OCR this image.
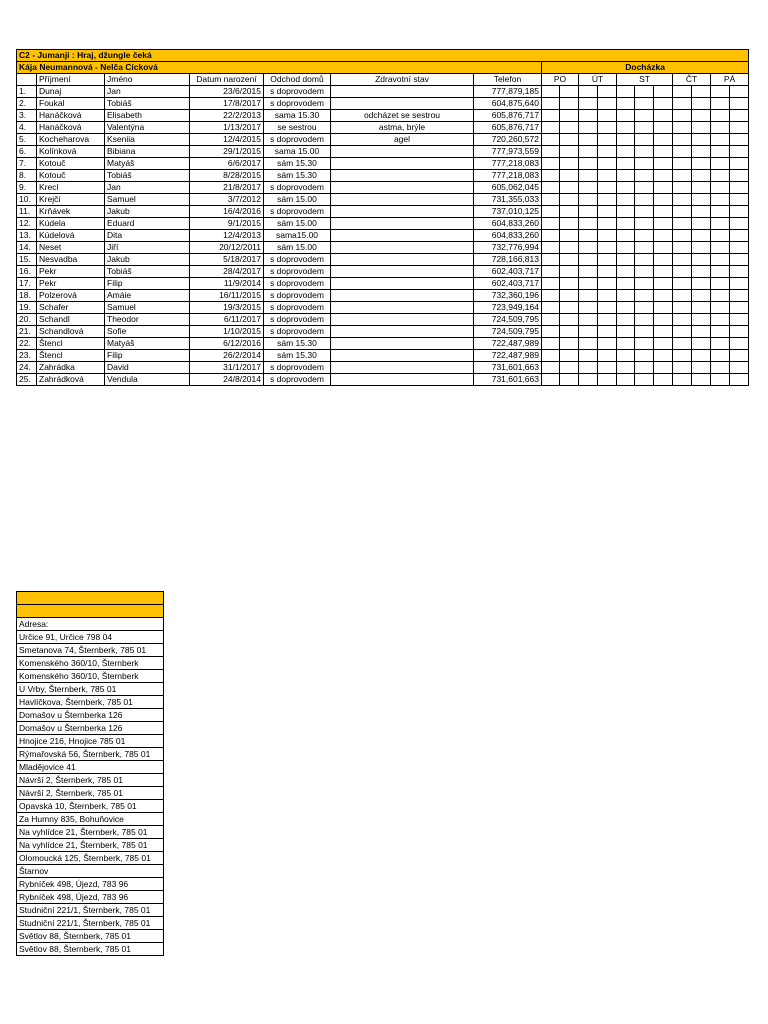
C2 - Jumanji : Hraj, džungle čeká																	
Kája Neumannová - Nelča Cícková							Docházka										
	Příjmení	Jméno	Datum narození	Odchod domů	Zdravotní stav	Telefon	PO		ÚT		ST			ČT		PÁ	
1.	Dunaj	Jan	23/6/2015	s doprovodem		777,879,185											
2.	Foukal	Tobiáš	17/8/2017	s doprovodem		604,875,640											
3.	Hanáčková	Elisabeth	22/2/2013	sama 15.30	odcházet se sestrou	605,876,717											
4.	Hanáčková	Valentýna	1/13/2017	se sestrou	astma, brýle	605,876,717											
5.	Kocheharova	Kseniia	12/4/2015	s doprovodem	agel	720,260,572											
6.	Kolínková	Bibiana	29/1/2015	sama 15.00		777,973,559											
7.	Kotouč	Matyáš	6/6/2017	sám 15.30		777,218,083											
8.	Kotouč	Tobiáš	8/28/2015	sám 15.30		777,218,083											
9.	Krecl	Jan	21/8/2017	s doprovodem		605,062,045											
10.	Krejčí	Samuel	3/7/2012	sám 15.00		731,355,033											
11.	Krňávek	Jakub	16/4/2016	s doprovodem		737,010,125											
12.	Kúdela	Eduard	9/1/2015	sám 15.00		604,833,260											
13.	Kúdelová	Dita	12/4/2013	sama15.00		604,833,260											
14.	Neset	Jiří	20/12/2011	sám 15.00		732,776,994											
15.	Nesvadba	Jakub	5/18/2017	s doprovodem		728,166,813											
16.	Pekr	Tobiáš	28/4/2017	s doprovodem		602,403,717											
17.	Pekr	Filip	11/9/2014	s doprovodem		602,403,717											
18.	Polzerová	Amáie	16/11/2015	s doprovodem		732,360,196											
19.	Schafer	Samuel	19/3/2015	s doprovodem		723,949,164											
20.	Schandl	Theodor	6/11/2017	s doprovodem		724,509,795											
21.	Schandlová	Sofie	1/10/2015	s doprovodem		724,509,795											
22.	Štencl	Matyáš	6/12/2016	sám 15.30		722,487,989											
23.	Štencl	Filip	26/2/2014	sám 15.30		722,487,989											
24.	Zahrádka	David	31/1/2017	s doprovodem		731,601,663											
25.	Zahrádková	Vendula	24/8/2014	s doprovodem		731,601,663											

Adresa:
Určice 91, Určice 798 04
Smetanova 74, Šternberk, 785 01
Komenského 360/10, Šternberk
Komenského 360/10, Šternberk
U Vrby, Šternberk, 785 01
Havlíčkova, Šternberk, 785 01
Domašov u Šternberka 126
Domašov u Šternberka 126
Hnojice 216, Hnojice 785 01
Rýmařovská 56, Šternberk, 785 01
Mladějovice 41
Návrší 2, Šternberk, 785 01
Návrší 2, Šternberk, 785 01
Opavská 10, Šternberk, 785 01
Za Humny 835, Bohuňovice
Na vyhlídce 21, Šternberk, 785 01
Na vyhlídce 21, Šternberk, 785 01
Olomoucká 125, Šternberk, 785 01
Štarnov
Rybníček 498, Újezd, 783 96
Rybníček 498, Újezd, 783 96
Studniční 221/1, Šternberk, 785 01
Studniční 221/1, Šternberk, 785 01
Světlov 88, Šternberk, 785 01
Světlov 88, Šternberk, 785 01
